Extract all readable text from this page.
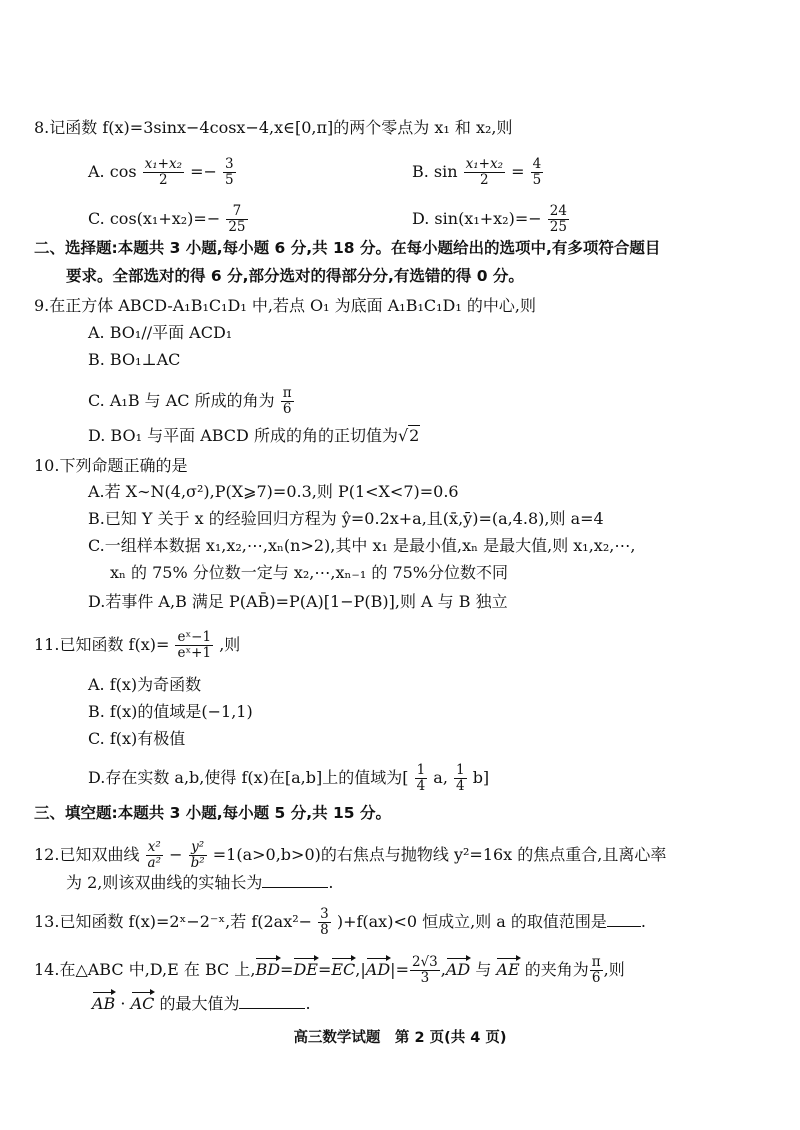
8.记函数 f(x)=3sinx−4cosx−4,x∈[0,π]的两个零点为 x₁ 和 x₂,则
A. $\cos \frac{\text{x₁+x₂}}{2} =- \frac{3}{5}$	B. $\sin \frac{\text{x₁+x₂}}{2} = \frac{4}{5}$
C. $\cos(x_1+x_2)=- \frac{7}{25}$	D. $\sin(x_1+x_2)=- \frac{24}{25}$
二、选择题:本题共 3 小题,每小题 6 分,共 18 分。在每小题给出的选项中,有多项符合题目
要求。全部选对的得 6 分,部分选对的得部分分,有选错的得 0 分。
9.在正方体 ABCD-A₁B₁C₁D₁ 中,若点 O₁ 为底面 A₁B₁C₁D₁ 的中心,则
A. BO₁//平面 ACD₁
B. BO₁⊥AC
C. A₁B 与 AC 所成的角为 $\frac{\pi}{6}$
D. BO₁ 与平面 ABCD 所成的角的正切值为√2
10.下列命题正确的是
A.若 X∼N(4,σ²),P(X⩾7)=0.3,则 P(1<X<7)=0.6
B.已知 Y 关于 x 的经验回归方程为 ŷ=0.2x+a,且(x̄,ȳ)=(a,4.8),则 a=4
C.一组样本数据 x₁,x₂,⋯,xₙ(n>2),其中 x₁ 是最小值,xₙ 是最大值,则 x₁,x₂,⋯,
xₙ 的 75% 分位数一定与 x₂,⋯,xₙ₋₁ 的 75%分位数不同
D.若事件 A,B 满足 P(AB̄)=P(A)[1−P(B)],则 A 与 B 独立
11.已知函数 $f(x)= \frac{\text{eˣ−1}}{\text{eˣ+1}}$ ,则
A. f(x)为奇函数
B. f(x)的值域是(−1,1)
C. f(x)有极值
D.存在实数 a,b,使得 f(x)在[a,b]上的值域为[ $\frac{1}{4} a$, $\frac{1}{4} b$]
三、填空题:本题共 3 小题,每小题 5 分,共 15 分。
12.已知双曲线 $\frac{\text{x²}}{\text{a²}} - \frac{\text{y²}}{\text{b²}} =1(a>0,b>0)$的右焦点与抛物线 y²=16x 的焦点重合,且离心率
为 2,则该双曲线的实轴长为	.
13.已知函数 f(x)=2ˣ−2⁻ˣ,若 $f(2ax^2- \frac{3}{8} )+f(ax)<0$ 恒成立,则 a 的取值范围是 .
14.在△ABC 中,D,E 在 BC 上$,BD=DE=EC,|AD|= \frac{2√3}{3} ,AD$ 与 AE 的夹角为 $\frac{\pi}{6}$ ,则
AB · AC 的最大值为	.
高三数学试题　第 2 页(共 4 页)
